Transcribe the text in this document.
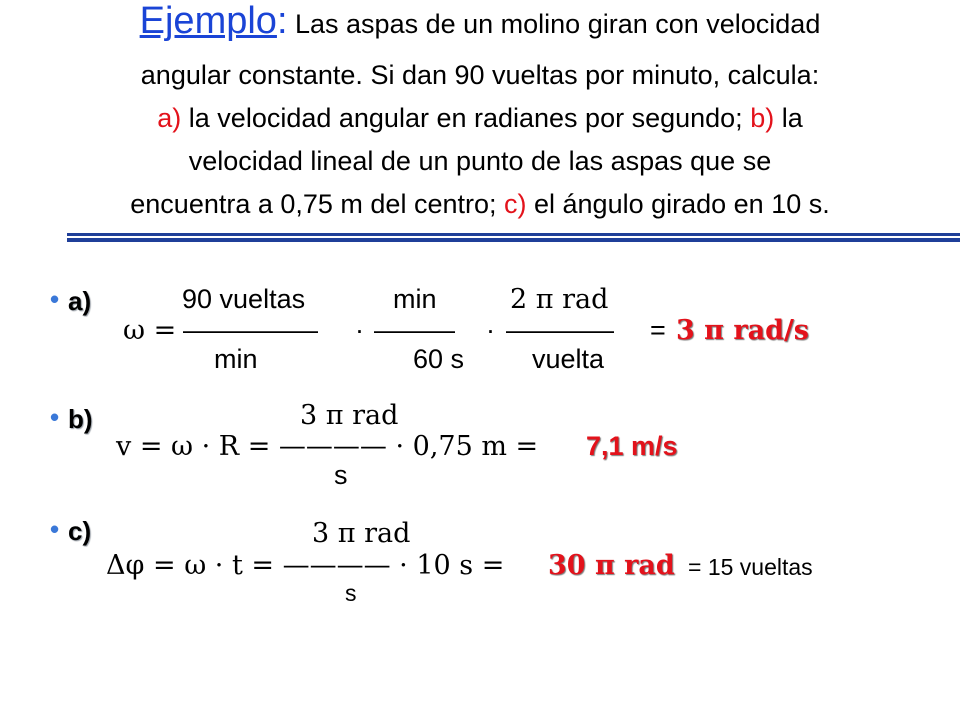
Ejemplo: Las aspas de un molino giran con velocidad
angular constante. Si dan 90 vueltas por minuto, calcula:
a) la velocidad angular en radianes por segundo; b) la
velocidad lineal de un punto de las aspas que se
encuentra a 0,75 m del centro; c) el ángulo girado en 10 s.
• a)	90 vueltas	min	2 π rad
ω = ————— · ——— · ———— = 3 π rad/s
min	60 s	vuelta
• b)	3 π rad
v = ω · R = ———— · 0,75 m = 7,1 m/s
s
• c)	3 π rad
Δφ = ω · t = ———— · 10 s = 30 π rad = 15 vueltas
s
